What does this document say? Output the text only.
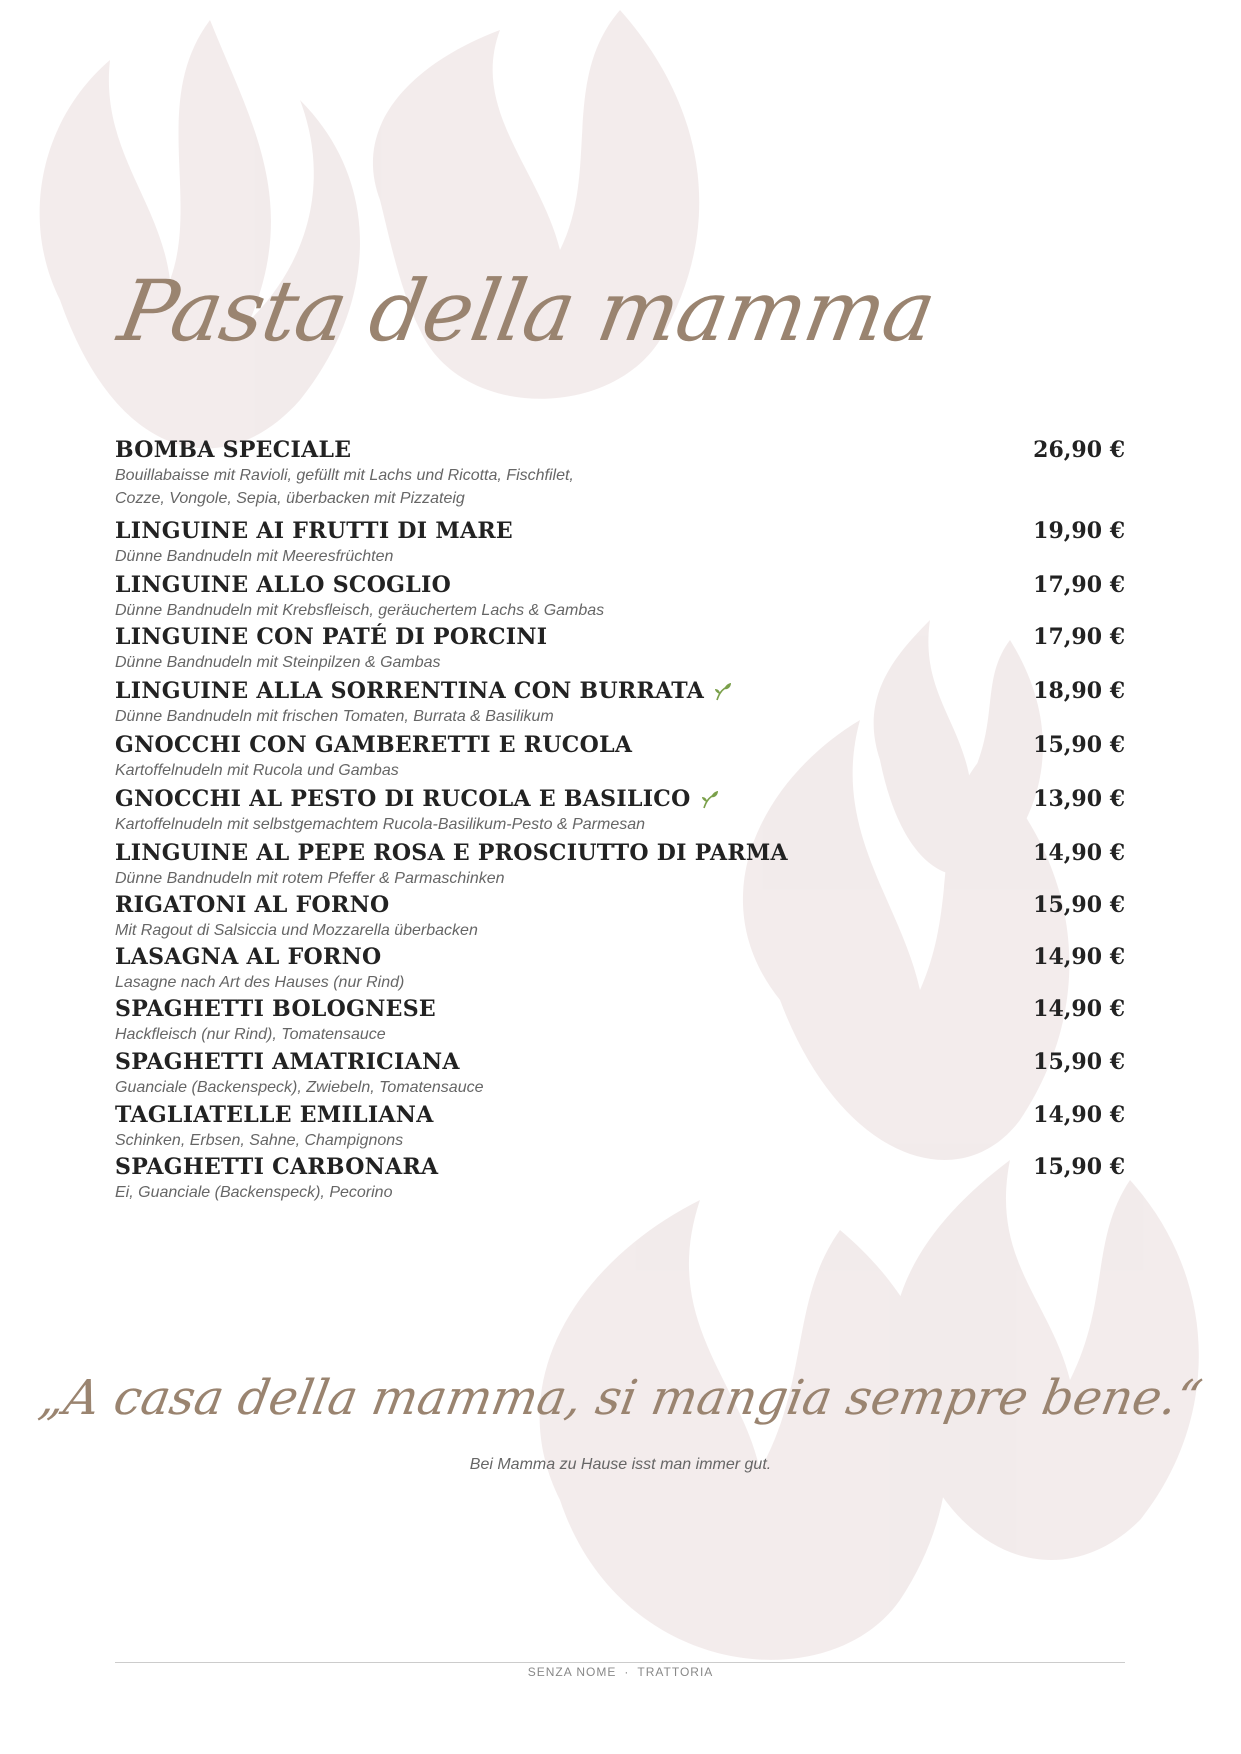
Pasta della mamma
BOMBA SPECIALE
Bouillabaisse mit Ravioli, gefüllt mit Lachs und Ricotta, Fischfilet,
Cozze, Vongole, Sepia, überbacken mit Pizzateig
26,90 €
LINGUINE AI FRUTTI DI MARE
Dünne Bandnudeln mit Meeresfrüchten
19,90 €
LINGUINE ALLO SCOGLIO
Dünne Bandnudeln mit Krebsfleisch, geräuchertem Lachs & Gambas
17,90 €
LINGUINE CON PATÉ DI PORCINI
Dünne Bandnudeln mit Steinpilzen & Gambas
17,90 €
LINGUINE ALLA SORRENTINA CON BURRATA
Dünne Bandnudeln mit frischen Tomaten, Burrata & Basilikum
18,90 €
GNOCCHI CON GAMBERETTI E RUCOLA
Kartoffelnudeln mit Rucola und Gambas
15,90 €
GNOCCHI AL PESTO DI RUCOLA E BASILICO
Kartoffelnudeln mit selbstgemachtem Rucola-Basilikum-Pesto & Parmesan
13,90 €
LINGUINE AL PEPE ROSA E PROSCIUTTO DI PARMA
Dünne Bandnudeln mit rotem Pfeffer & Parmaschinken
14,90 €
RIGATONI AL FORNO
Mit Ragout di Salsiccia und Mozzarella überbacken
15,90 €
LASAGNA AL FORNO
Lasagne nach Art des Hauses (nur Rind)
14,90 €
SPAGHETTI BOLOGNESE
Hackfleisch (nur Rind), Tomatensauce
14,90 €
SPAGHETTI AMATRICIANA
Guanciale (Backenspeck), Zwiebeln, Tomatensauce
15,90 €
TAGLIATELLE EMILIANA
Schinken, Erbsen, Sahne, Champignons
14,90 €
SPAGHETTI CARBONARA
Ei, Guanciale (Backenspeck), Pecorino
15,90 €
„A casa della mamma, si mangia sempre bene.“
Bei Mamma zu Hause isst man immer gut.
SENZA NOME · TRATTORIA
